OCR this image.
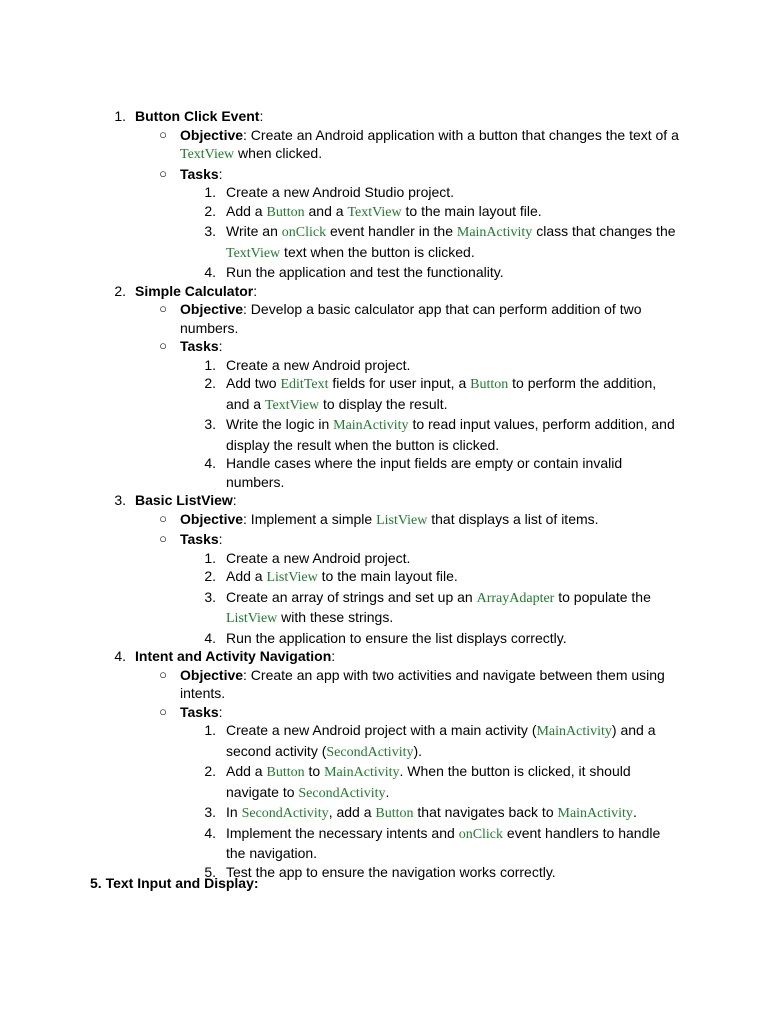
1. Button Click Event:
○ Objective: Create an Android application with a button that changes the text of a TextView when clicked.
○ Tasks:
1. Create a new Android Studio project.
2. Add a Button and a TextView to the main layout file.
3. Write an onClick event handler in the MainActivity class that changes the TextView text when the button is clicked.
4. Run the application and test the functionality.
2. Simple Calculator:
○ Objective: Develop a basic calculator app that can perform addition of two numbers.
○ Tasks:
1. Create a new Android project.
2. Add two EditText fields for user input, a Button to perform the addition, and a TextView to display the result.
3. Write the logic in MainActivity to read input values, perform addition, and display the result when the button is clicked.
4. Handle cases where the input fields are empty or contain invalid numbers.
3. Basic ListView:
○ Objective: Implement a simple ListView that displays a list of items.
○ Tasks:
1. Create a new Android project.
2. Add a ListView to the main layout file.
3. Create an array of strings and set up an ArrayAdapter to populate the ListView with these strings.
4. Run the application to ensure the list displays correctly.
4. Intent and Activity Navigation:
○ Objective: Create an app with two activities and navigate between them using intents.
○ Tasks:
1. Create a new Android project with a main activity (MainActivity) and a second activity (SecondActivity).
2. Add a Button to MainActivity. When the button is clicked, it should navigate to SecondActivity.
3. In SecondActivity, add a Button that navigates back to MainActivity.
4. Implement the necessary intents and onClick event handlers to handle the navigation.
5. Test the app to ensure the navigation works correctly.
5. Text Input and Display:
